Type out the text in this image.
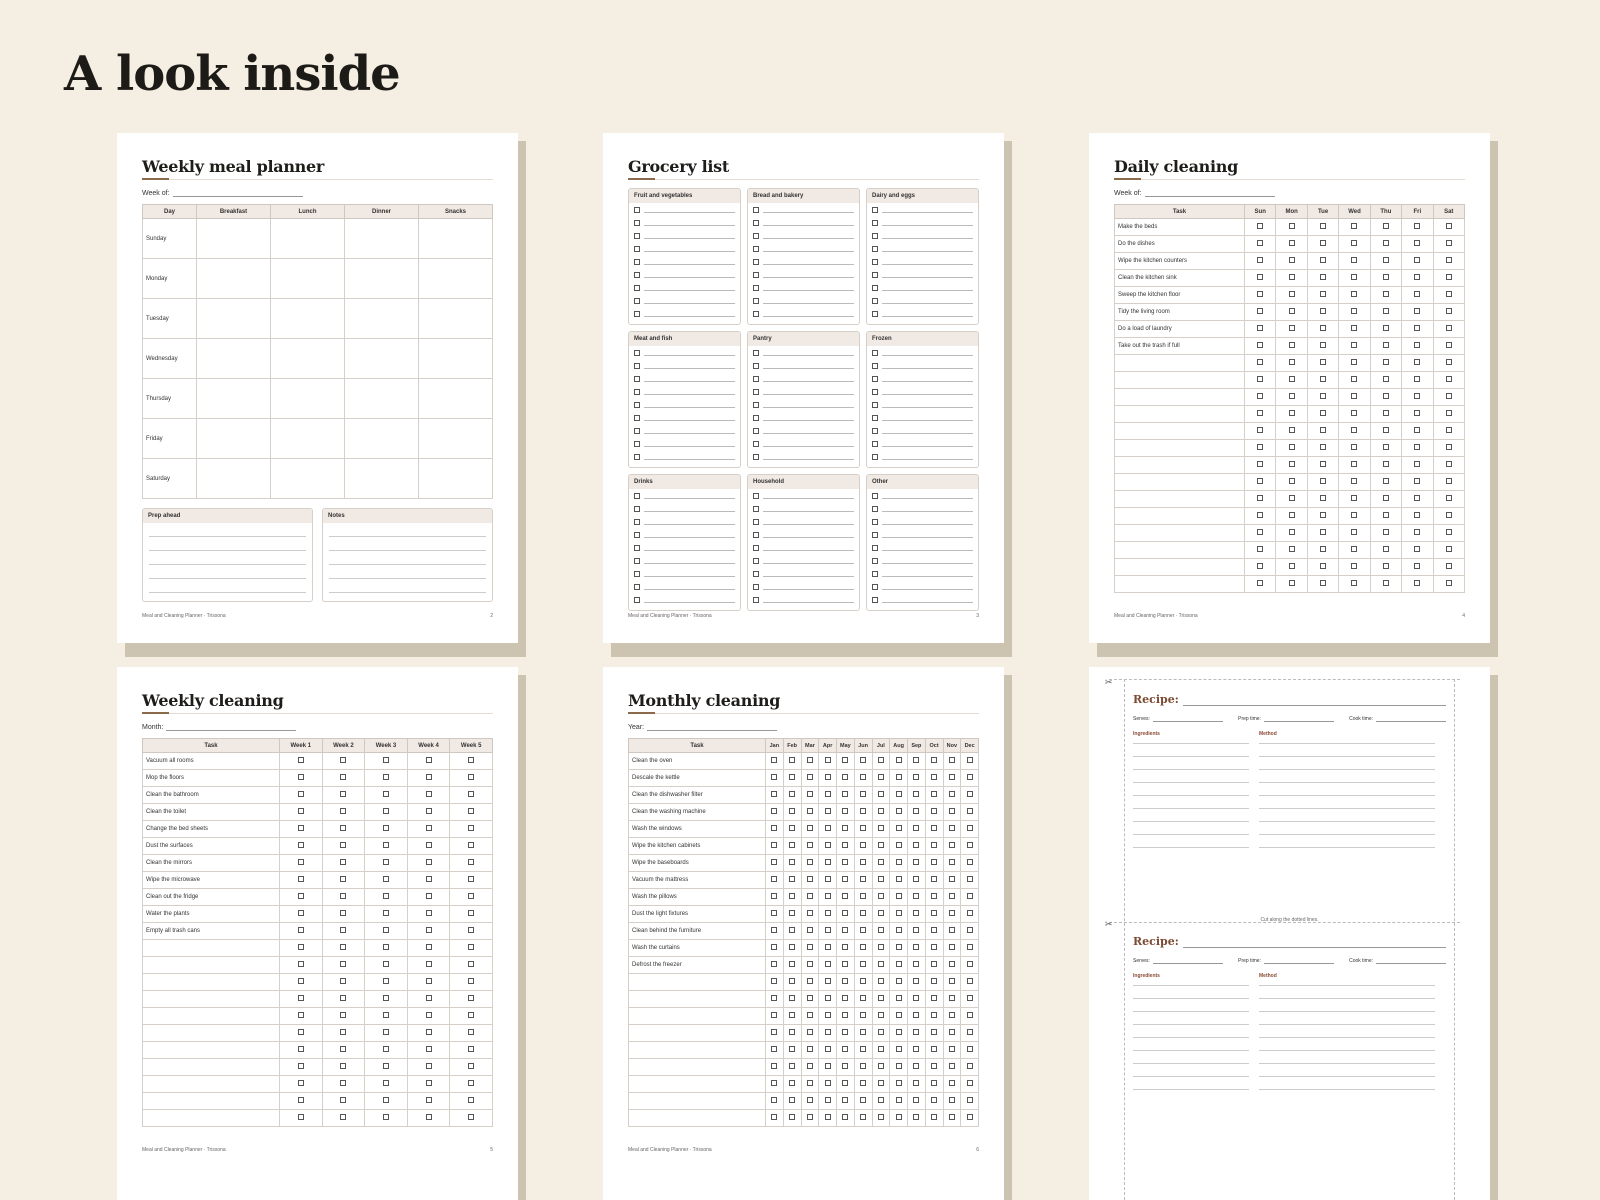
A look inside
Weekly meal planner
Week of:
Day	Breakfast	Lunch	Dinner	Snacks
Sunday				
Monday				
Tuesday				
Wednesday				
Thursday				
Friday				
Saturday				
Prep ahead	Notes
Meal and Cleaning Planner · Trissona	2
Grocery list
Fruit and vegetables	Bread and bakery	Dairy and eggs
Meat and fish	Pantry	Frozen
Drinks	Household	Other
Meal and Cleaning Planner · Trissona	3
Daily cleaning
Week of:
Task	Sun	Mon	Tue	Wed	Thu	Fri	Sat
Make the beds							
Do the dishes							
Wipe the kitchen counters							
Clean the kitchen sink							
Sweep the kitchen floor							
Tidy the living room							
Do a load of laundry							
Take out the trash if full							

Meal and Cleaning Planner · Trissona	4
Weekly cleaning
Month:
Task	Week 1	Week 2	Week 3	Week 4	Week 5
Vacuum all rooms					
Mop the floors					
Clean the bathroom					
Clean the toilet					
Change the bed sheets					
Dust the surfaces					
Clean the mirrors					
Wipe the microwave					
Clean out the fridge					
Water the plants					
Empty all trash cans					

Meal and Cleaning Planner · Trissona	5
Monthly cleaning
Year:
Task	Jan	Feb	Mar	Apr	May	Jun	Jul	Aug	Sep	Oct	Nov	Dec
Clean the oven												
Descale the kettle												
Clean the dishwasher filter												
Clean the washing machine												
Wash the windows												
Wipe the kitchen cabinets												
Wipe the baseboards												
Vacuum the mattress												
Wash the pillows												
Dust the light fixtures												
Clean behind the furniture												
Wash the curtains												
Defrost the freezer												

Meal and Cleaning Planner · Trissona	6
✂
✂	Cut along the dotted lines.
Recipe:
Serves:	Prep time:	Cook time:
Ingredients	Method
Recipe:
Serves:	Prep time:	Cook time:
Ingredients	Method
